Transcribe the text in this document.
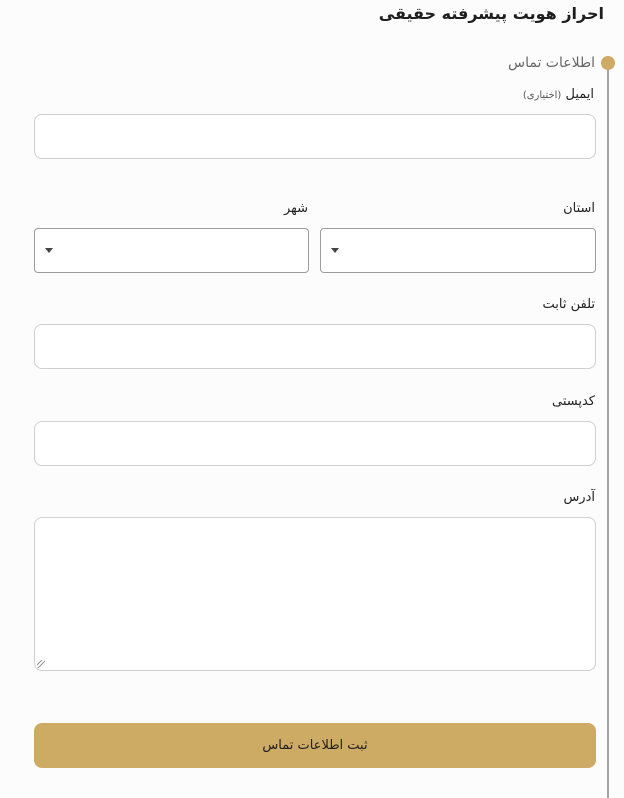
احراز هویت پیشرفته حقیقی
اطلاعات تماس
ایمیل (اختیاری)
استان
شهر
تلفن ثابت
کدپستی
آدرس
ثبت اطلاعات تماس
